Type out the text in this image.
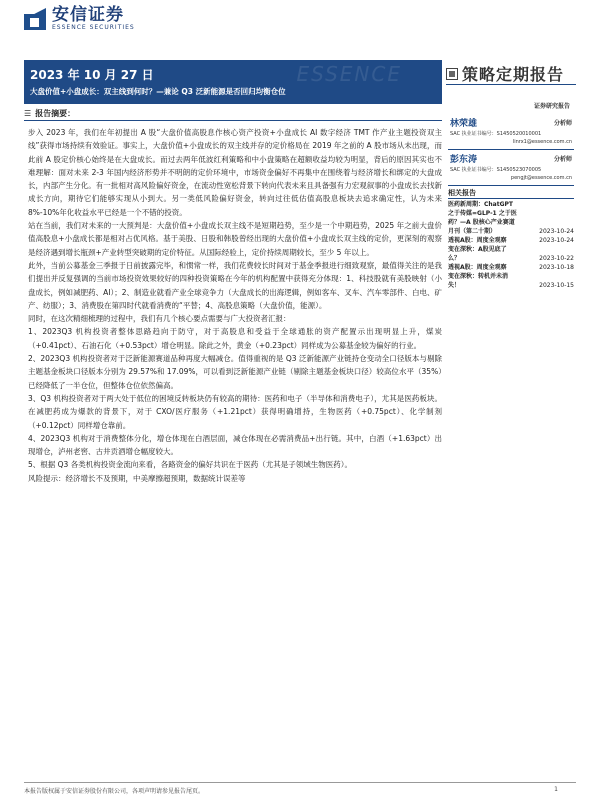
安信证券
ESSENCE SECURITIES
ESSENCE
2023 年 10 月 27 日
大盘价值+小盘成长：双主线到何时？—兼论 Q3 泛新能源是否回归均衡仓位
策略定期报告
证券研究报告
☰ 报告摘要：

步入 2023 年，我们在年初提出 A 股“大盘价值高股息作核心资产投资+小盘成长 AI 数字经济 TMT 作产业主题投资双主线”获得市场持续有效验证。事实上，大盘价值+小盘成长的双主线并存的定价格局在 2019 年之前的 A 股市场从未出现，而此前 A 股定价核心始终是在大盘成长。而过去两年低波红利策略和中小盘策略在超额收益均较为明显，背后的原因其实也不难理解：面对未来 2-3 年国内经济形势并不明朗的定价环境中，市场资金偏好不再集中在围绕着与经济增长和绑定的大盘成长，内部产生分化。有一批相对高风险偏好资金，在流动性宽松背景下转向代表未来且具备强有力宏观叙事的小盘成长去找新成长方向，期待它们能够实现从小到大。另一类低风险偏好资金，转向过往低估值高股息板块去追求确定性，认为未来 8%-10%年化收益水平已经是一个不错的投资。

站在当前，我们对未来的一大预判是：大盘价值+小盘成长双主线不是短期趋势，至少是一个中期趋势，2025 年之前大盘价值高股息+小盘成长都是相对占优风格。基于美股、日股和韩股曾经出现的大盘价值+小盘成长双主线的定价，更深刻的观察是经济遇到增长瓶颈+产业转型突破期的定价特征。从国际经验上，定价持续周期较长，至少 5 年以上。

此外，当前公募基金三季报于日前披露完毕，和惯常一样，我们花费较长时间对于基金季报进行细致观察，最值得关注的是我们提出并反复强调的当前市场投资效果较好的四种投资策略在今年的机构配置中获得充分体现：1、科技股就有美股映射（小盘成长，例如减肥药、AI）；2、制造业就看产业全球竞争力（大盘成长的出海逻辑，例如客车、叉车、汽车零部件、白电、矿产、纺服）；3、消费股在第四时代就看消费的“平替；4、高股息策略（大盘价值，能源）。

同时，在这次精细梳理的过程中，我们有几个核心要点需要与广大投资者汇报：

1、2023Q3 机构投资者整体思路趋向于防守，对于高股息和受益于全球通胀的资产配置示出现明显上升，煤炭（+0.41pct）、石油石化（+0.53pct）增仓明显。除此之外，黄金（+0.23pct）同样成为公募基金较为偏好的行业。

2、2023Q3 机构投资者对于泛新能源赛道品种再度大幅减仓。值得重视的是 Q3 泛新能源产业链持仓变动全口径版本与剔除主题基金板块口径版本分别为 29.57%和 17.09%，可以看到泛新能源产业链（剔除主题基金板块口径）较高位水平（35%）已经降低了一半仓位，但整体仓位依然偏高。

3、Q3 机构投资者对于两大处于低位的困境反转板块仍有较高的期待：医药和电子（半导体和消费电子），尤其是医药板块。在减肥药成为爆款的背景下，对于 CXO/医疗服务（+1.21pct）获得明确增持，生物医药（+0.75pct）、化学制剂（+0.12pct）同样增仓靠前。

4、2023Q3 机构对于消费整体分化，增仓体现在白酒层面，减仓体现在必需消费品+出行链。其中，白酒（+1.63pct）出现增仓，泸州老窖、古井贡酒增仓幅度较大。

5、根据 Q3 各类机构投资金流向来看，各路资金的偏好共识在于医药（尤其是子领域生物医药）。

风险提示：经济增长不及预期，中美摩擦超预期，数据统计误差等

林荣雄	分析师
SAC 执业证书编号：S1450520010001
linrx1@essence.com.cn
彭东涛	分析师
SAC 执业证书编号：S1450523070005
pengjt@essence.com.cn
相关报告
医药新周期：ChatGPT 之于传媒=GLP-1 之于医药？—A 股核心产业赛道月刊（第二十期）	2023-10-24
透视A股：周度全观察	2023-10-24
变在深秋：A股见底了么？	2023-10-22
透视A股：周度全观察	2023-10-18
变在深秋：转机并未消失！	2023-10-15
本报告版权属于安信证券股份有限公司，各项声明请参见报告尾页。	1
